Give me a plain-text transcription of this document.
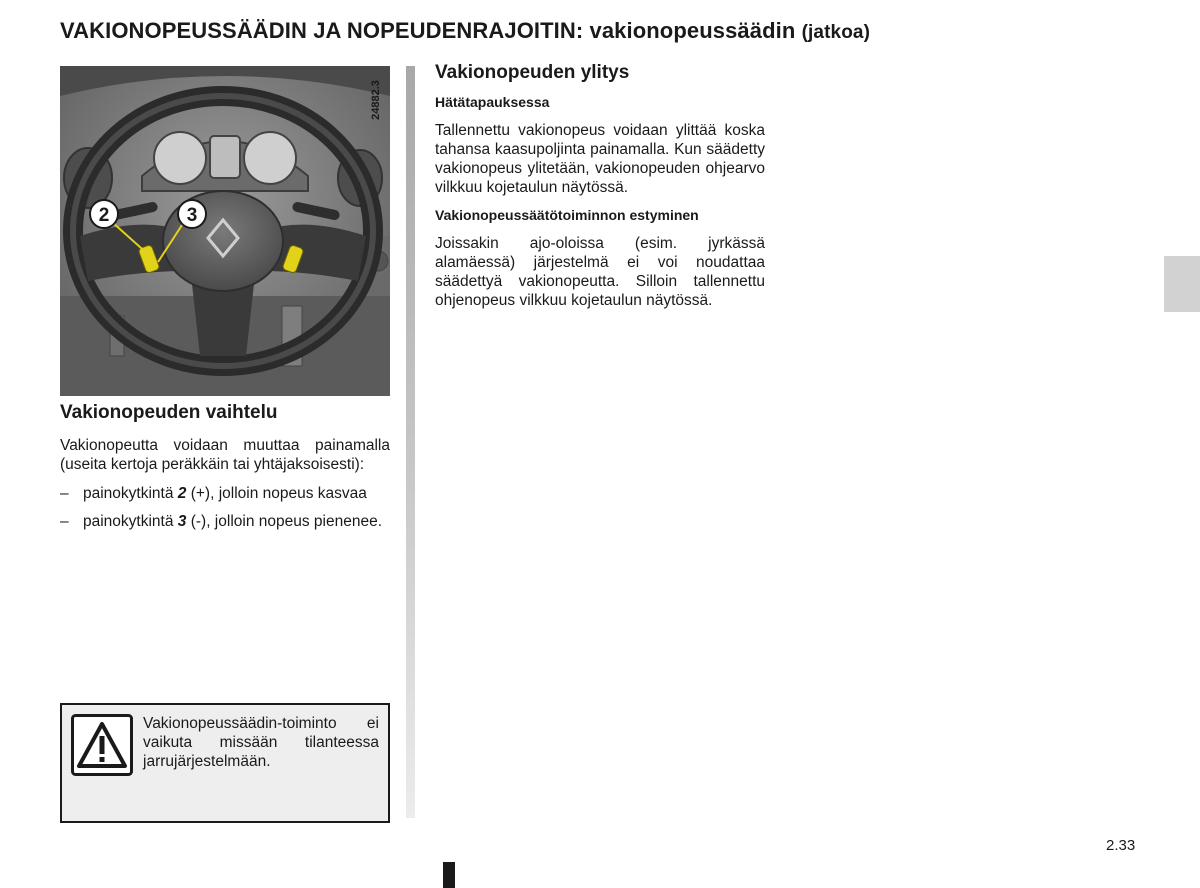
VAKIONOPEUSSÄÄDIN JA NOPEUDENRAJOITIN: vakionopeussäädin (jatkoa)
2	3
24882.3
Vakionopeuden vaihtelu

Vakionopeutta voidaan muuttaa painamalla (useita kertoja peräkkäin tai yhtäjaksoisesti):

– painokytkintä 2 (+), jolloin nopeus kasvaa
– painokytkintä 3 (-), jolloin nopeus pienenee.
Vakionopeuden ylitys
Hätätapauksessa

Tallennettu vakionopeus voidaan ylittää koska tahansa kaasupoljinta painamalla. Kun säädetty vakionopeus ylitetään, vakionopeuden ohjearvo vilkkuu kojetaulun näytössä.

Vakionopeussäätötoiminnon estyminen

Joissakin ajo-oloissa (esim. jyrkässä alamäessä) järjestelmä ei voi noudattaa säädettyä vakionopeutta. Silloin tallennettu ohjenopeus vilkkuu kojetaulun näytössä.

Vakionopeussäädin-toiminto ei vaikuta missään tilanteessa jarrujärjestelmään.
2.33
